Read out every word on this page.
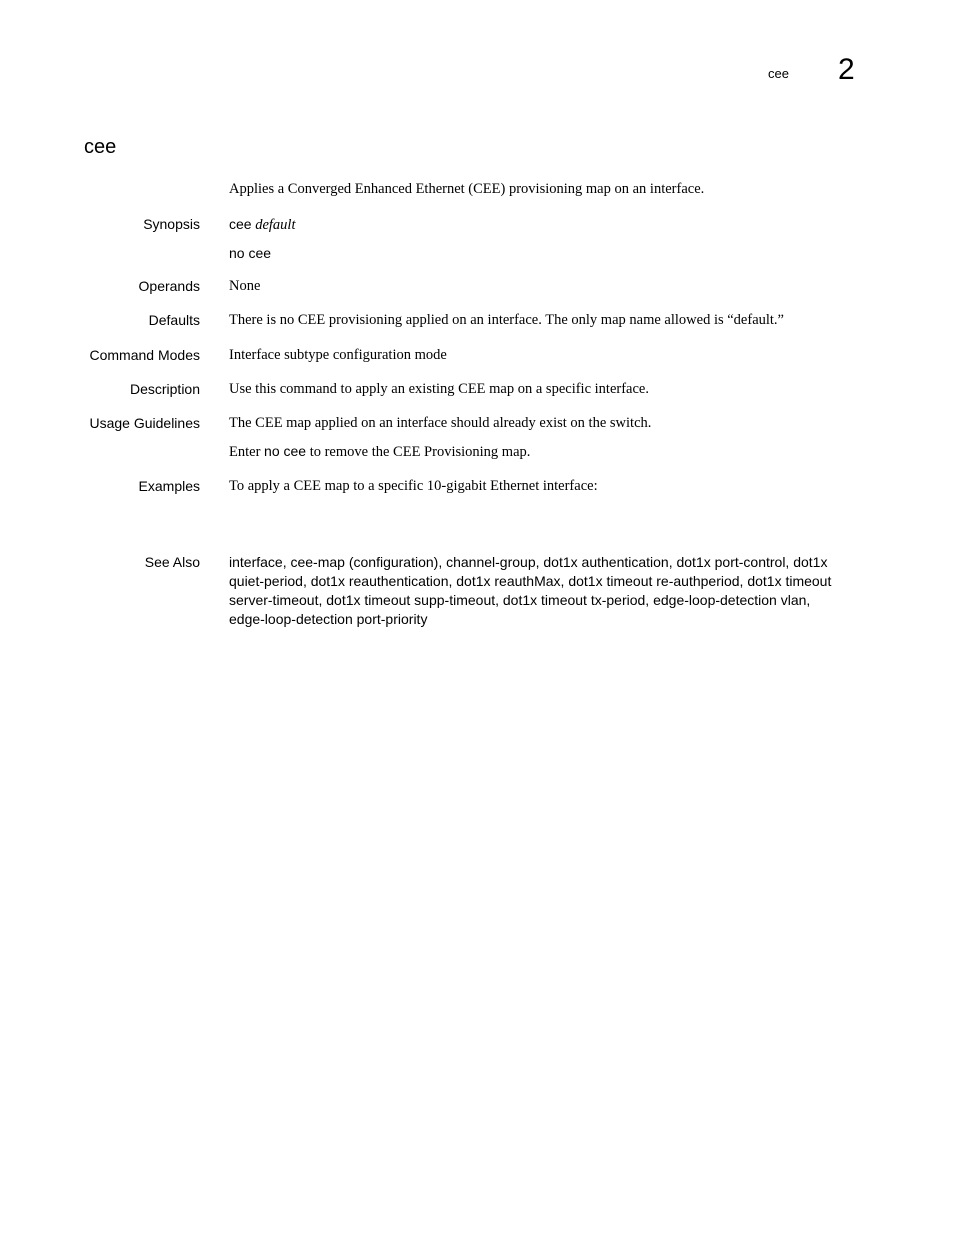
cee 2
cee
Applies a Converged Enhanced Ethernet (CEE) provisioning map on an interface.
Synopsis cee default

no cee

Operands None
Defaults There is no CEE provisioning applied on an interface. The only map name allowed is “default.”
Command Modes Interface subtype configuration mode
Description Use this command to apply an existing CEE map on a specific interface.
Usage Guidelines The CEE map applied on an interface should already exist on the switch.

Enter no cee to remove the CEE Provisioning map.

Examples To apply a CEE map to a specific 10-gigabit Ethernet interface:
See Also interface, cee-map (configuration), channel-group, dot1x authentication, dot1x port-control, dot1x quiet-period, dot1x reauthentication, dot1x reauthMax, dot1x timeout re-authperiod, dot1x timeout server-timeout, dot1x timeout supp-timeout, dot1x timeout tx-period, edge-loop-detection vlan, edge-loop-detection port-priority
